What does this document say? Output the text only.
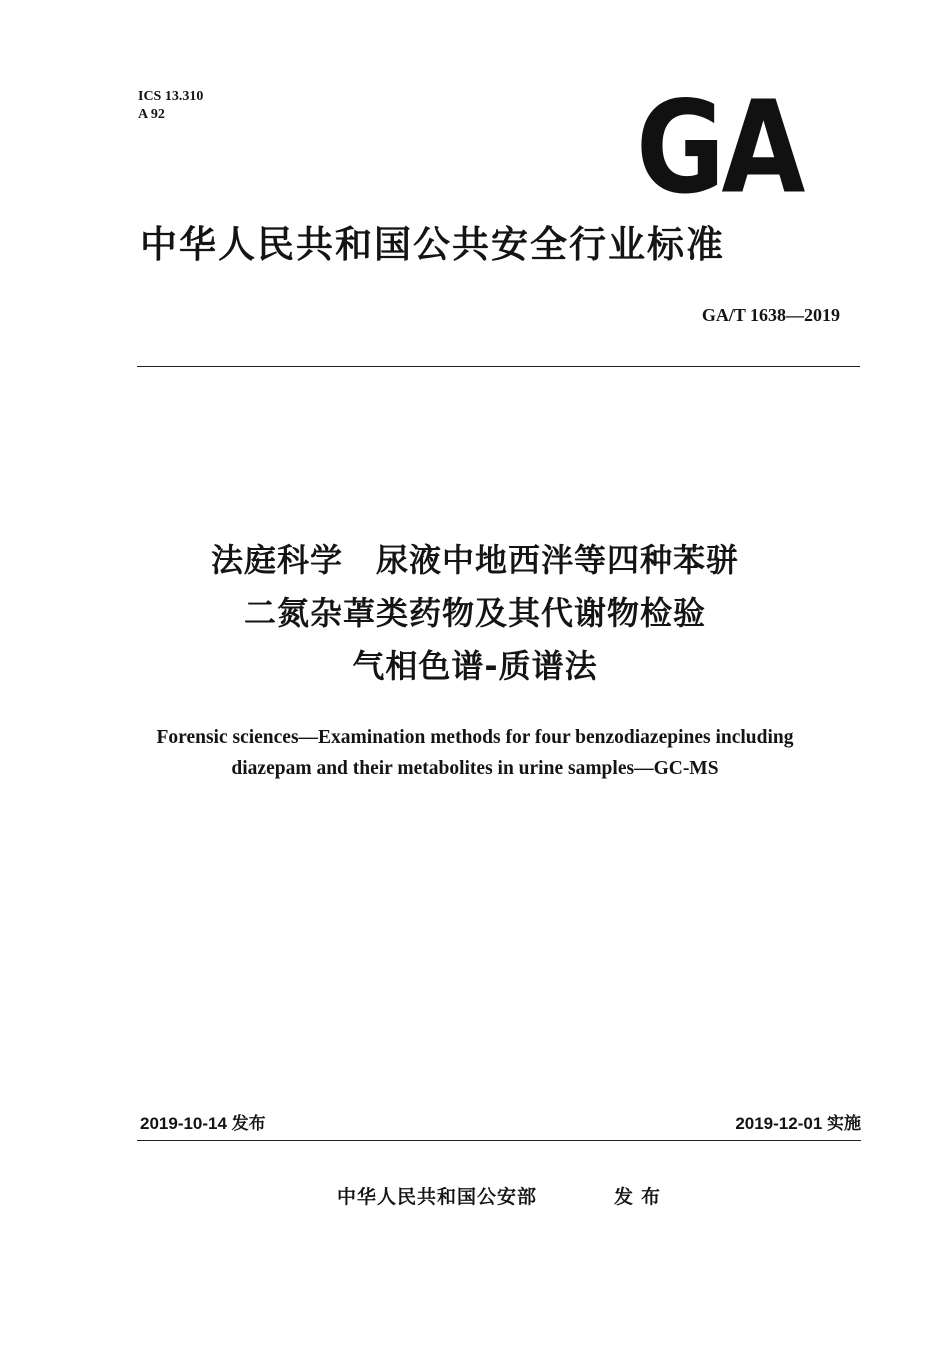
ICS 13.310
A 92	GA
中华人民共和国公共安全行业标准
GA/T 1638—2019
法庭科学　尿液中地西泮等四种苯骈
二氮杂䓬类药物及其代谢物检验
气相色谱-质谱法
Forensic sciences—Examination methods for four benzodiazepines including
diazepam and their metabolites in urine samples—GC-MS
2019-10-14 发布	2019-12-01 实施
中华人民共和国公安部	发布
